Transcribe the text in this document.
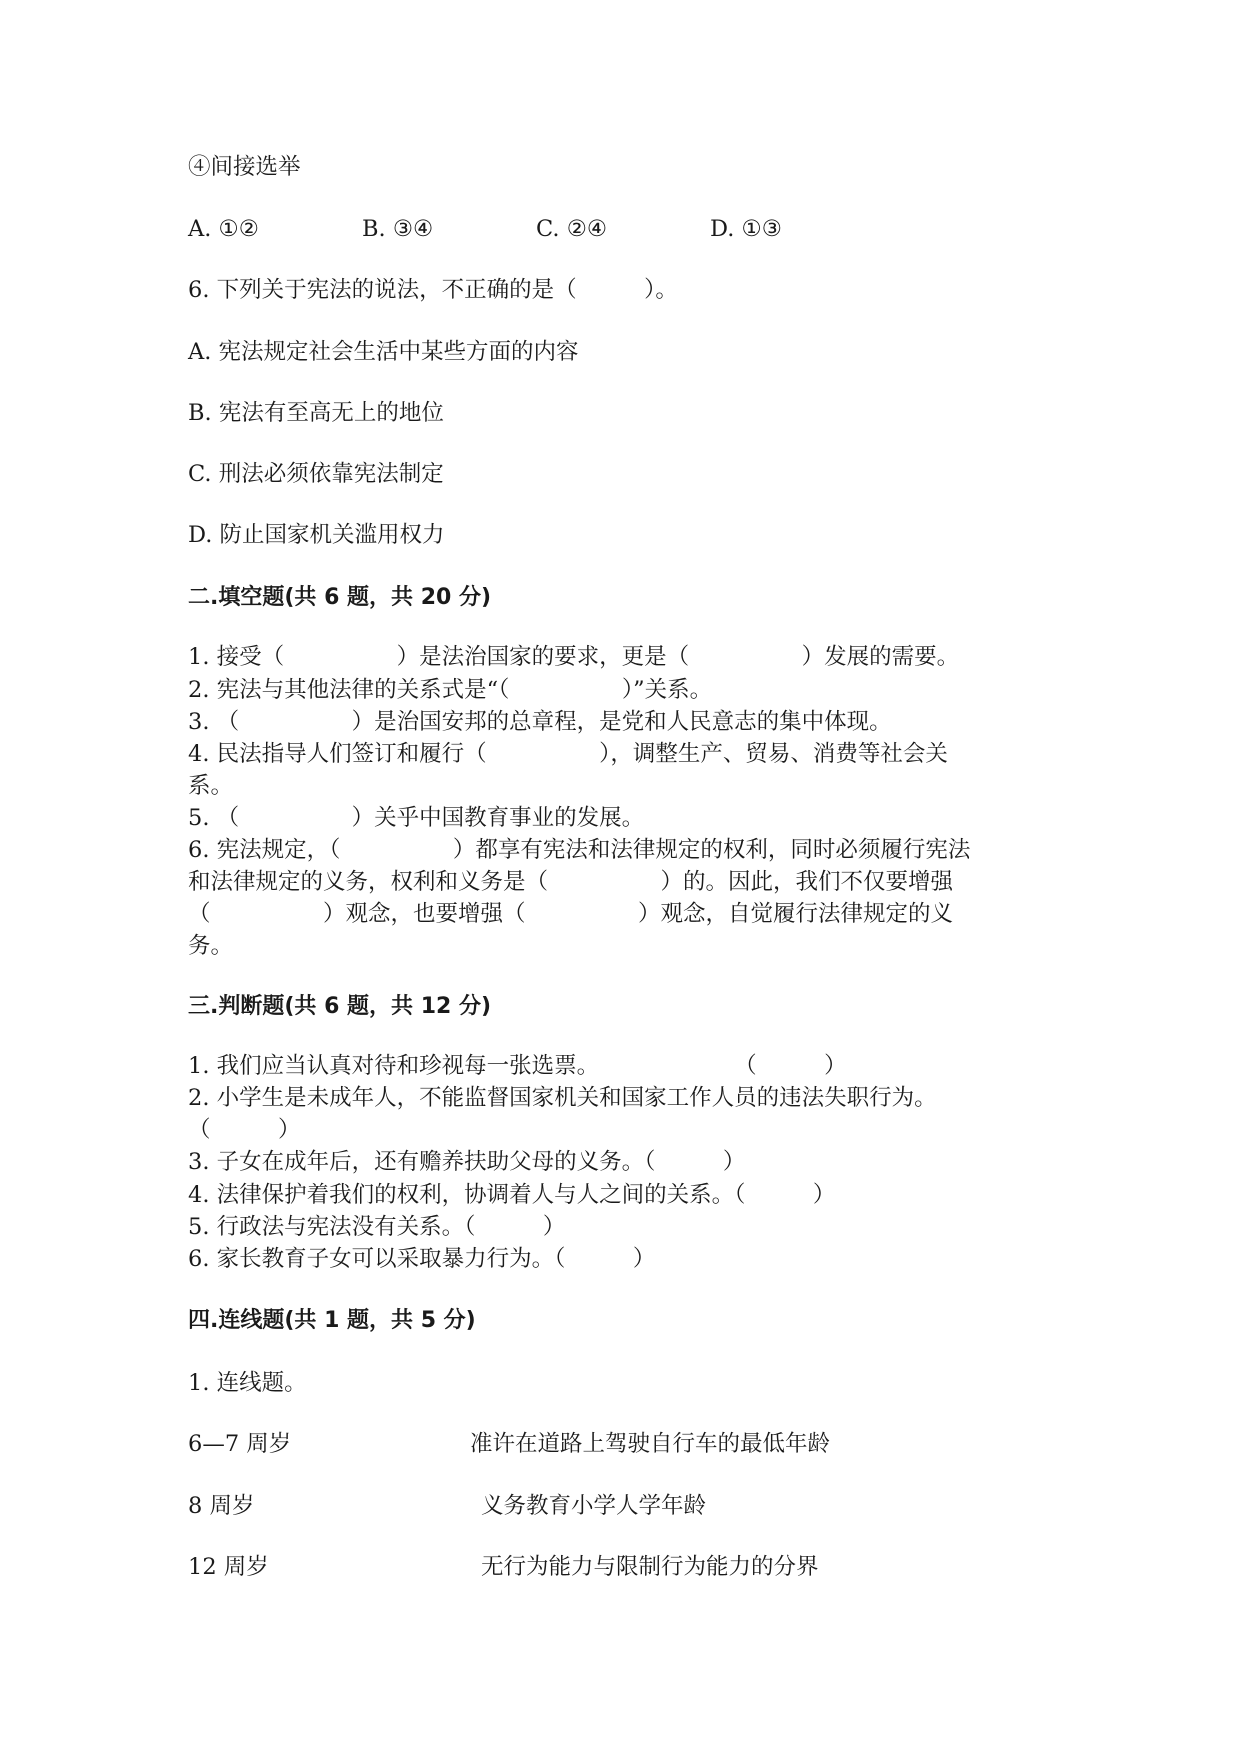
④间接选举
A. ①②	B. ③④	C. ②④	D. ①③
6. 下列关于宪法的说法，不正确的是（　　　）。
A. 宪法规定社会生活中某些方面的内容
B. 宪法有至高无上的地位
C. 刑法必须依靠宪法制定
D. 防止国家机关滥用权力
二.填空题(共 6 题，共 20 分)
1. 接受（　　　　　）是法治国家的要求，更是（　　　　　）发展的需要。
2. 宪法与其他法律的关系式是“（　　　　　）”关系。
3. （　　　　　）是治国安邦的总章程，是党和人民意志的集中体现。
4. 民法指导人们签订和履行（　　　　　），调整生产、贸易、消费等社会关
系。
5. （　　　　　）关乎中国教育事业的发展。
6. 宪法规定，（　　　　　）都享有宪法和法律规定的权利，同时必须履行宪法
和法律规定的义务，权利和义务是（　　　　　）的。因此，我们不仅要增强
（　　　　　）观念，也要增强（　　　　　）观念，自觉履行法律规定的义
务。
三.判断题(共 6 题，共 12 分)
1. 我们应当认真对待和珍视每一张选票。　　　　　　　（　　　）
2. 小学生是未成年人，不能监督国家机关和国家工作人员的违法失职行为。
（　　　）
3. 子女在成年后，还有赡养扶助父母的义务。（　　　）
4. 法律保护着我们的权利，协调着人与人之间的关系。（　　　）
5. 行政法与宪法没有关系。（　　　）
6. 家长教育子女可以采取暴力行为。（　　　）
四.连线题(共 1 题，共 5 分)
1. 连线题。
6—7 周岁	准许在道路上驾驶自行车的最低年龄
8 周岁	义务教育小学人学年龄
12 周岁	无行为能力与限制行为能力的分界
